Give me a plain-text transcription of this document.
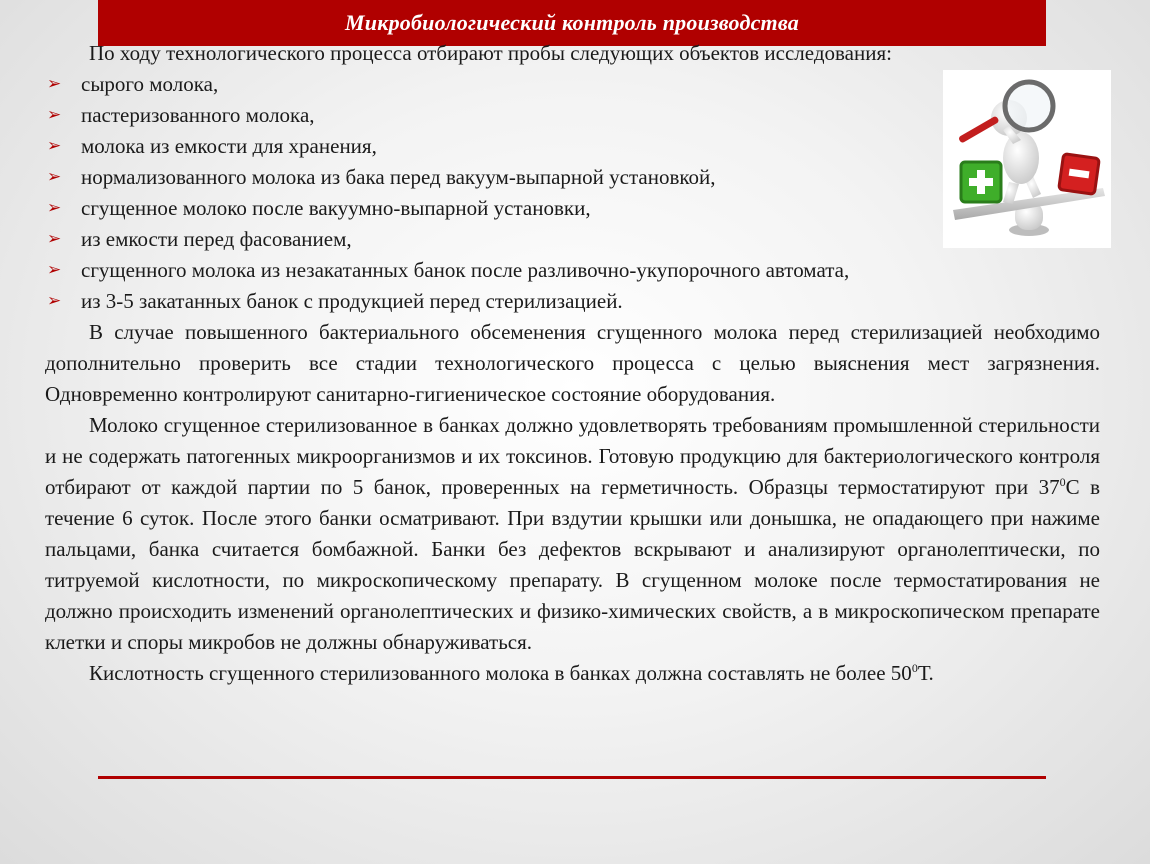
Микробиологический контроль производства

По ходу технологического процесса отбирают пробы следующих объектов исследования:

➢ сырого молока,
➢ пастеризованного молока,
➢ молока из емкости для хранения,
➢ нормализованного молока из бака перед вакуум-выпарной установкой,
➢ сгущенное молоко после вакуумно-выпарной установки,
➢ из емкости перед фасованием,
➢ сгущенного молока из незакатанных банок после разливочно-укупорочного автомата,
➢ из 3-5 закатанных банок с продукцией перед стерилизацией.

В случае повышенного бактериального обсеменения сгущенного молока перед стерилизацией необходимо дополнительно проверить все стадии технологического процесса с целью выяснения мест загрязнения. Одновременно контролируют санитарно-гигиеническое состояние оборудования.

Молоко сгущенное стерилизованное в банках должно удовлетворять требованиям промышленной стерильности и не содержать патогенных микроорганизмов и их токсинов. Готовую продукцию для бактериологического контроля отбирают от каждой партии по 5 банок, проверенных на герметичность. Образцы термостатируют при $37^0С$ в течение 6 суток. После этого банки осматривают. При вздутии крышки или донышка, не опадающего при нажиме пальцами, банка считается бомбажной. Банки без дефектов вскрывают и анализируют органолептически, по титруемой кислотности, по микроскопическому препарату. В сгущенном молоке после термостатирования не должно происходить изменений органолептических и физико-химических свойств, а в микроскопическом препарате клетки и споры микробов не должны обнаруживаться.

Кислотность сгущенного стерилизованного молока в банках должна составлять не более $50^0Т$.
